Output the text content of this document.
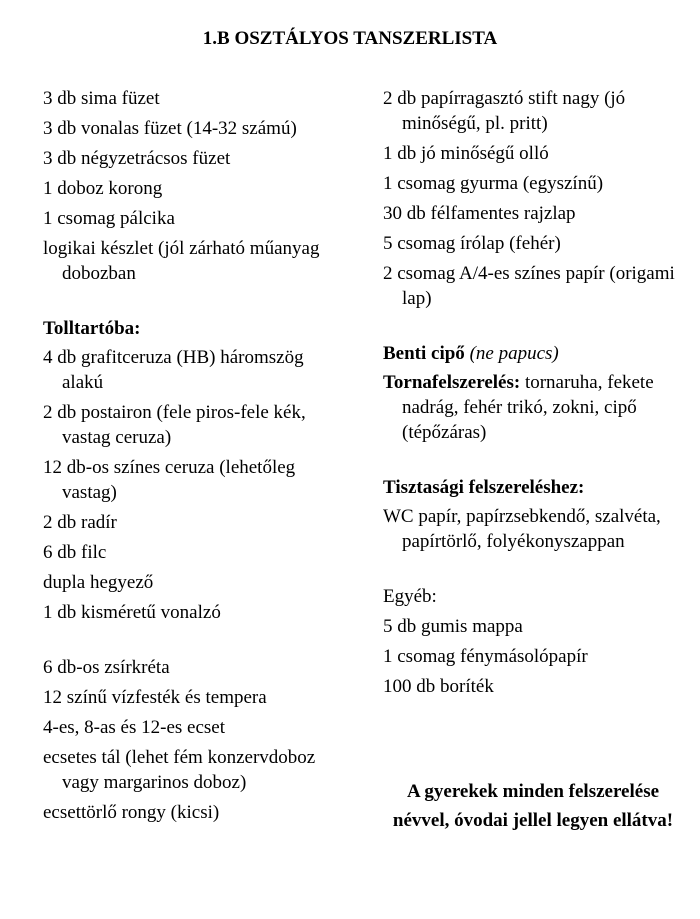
1.B OSZTÁLYOS TANSZERLISTA
3 db sima füzet
3 db vonalas füzet (14-32 számú)
3 db négyzetrácsos füzet
1 doboz korong
1 csomag pálcika
logikai készlet (jól zárható műanyag dobozban
Tolltartóba:
4 db grafitceruza (HB) háromszög alakú
2 db postairon (fele piros-fele kék, vastag ceruza)
12 db-os színes ceruza (lehetőleg vastag)
2 db radír
6 db filc
dupla hegyező
1 db kisméretű vonalzó
6 db-os zsírkréta
12 színű vízfesték és tempera
4-es, 8-as és 12-es ecset
ecsetes tál (lehet fém konzervdoboz vagy margarinos doboz)
ecsettörlő rongy (kicsi)
2 db papírragasztó stift nagy (jó minőségű, pl. pritt)
1 db jó minőségű olló
1 csomag gyurma (egyszínű)
30 db félfamentes rajzlap
5 csomag írólap (fehér)
2 csomag A/4-es színes papír (origami lap)
Benti cipő (ne papucs)
Tornafelszerelés: tornaruha, fekete nadrág, fehér trikó, zokni, cipő (tépőzáras)
Tisztasági felszereléshez:
WC papír, papírzsebkendő, szalvéta, papírtörlő, folyékonyszappan
Egyéb:
5 db gumis mappa
1 csomag fénymásolópapír
100 db boríték
A gyerekek minden felszerelése névvel, óvodai jellel legyen ellátva!
